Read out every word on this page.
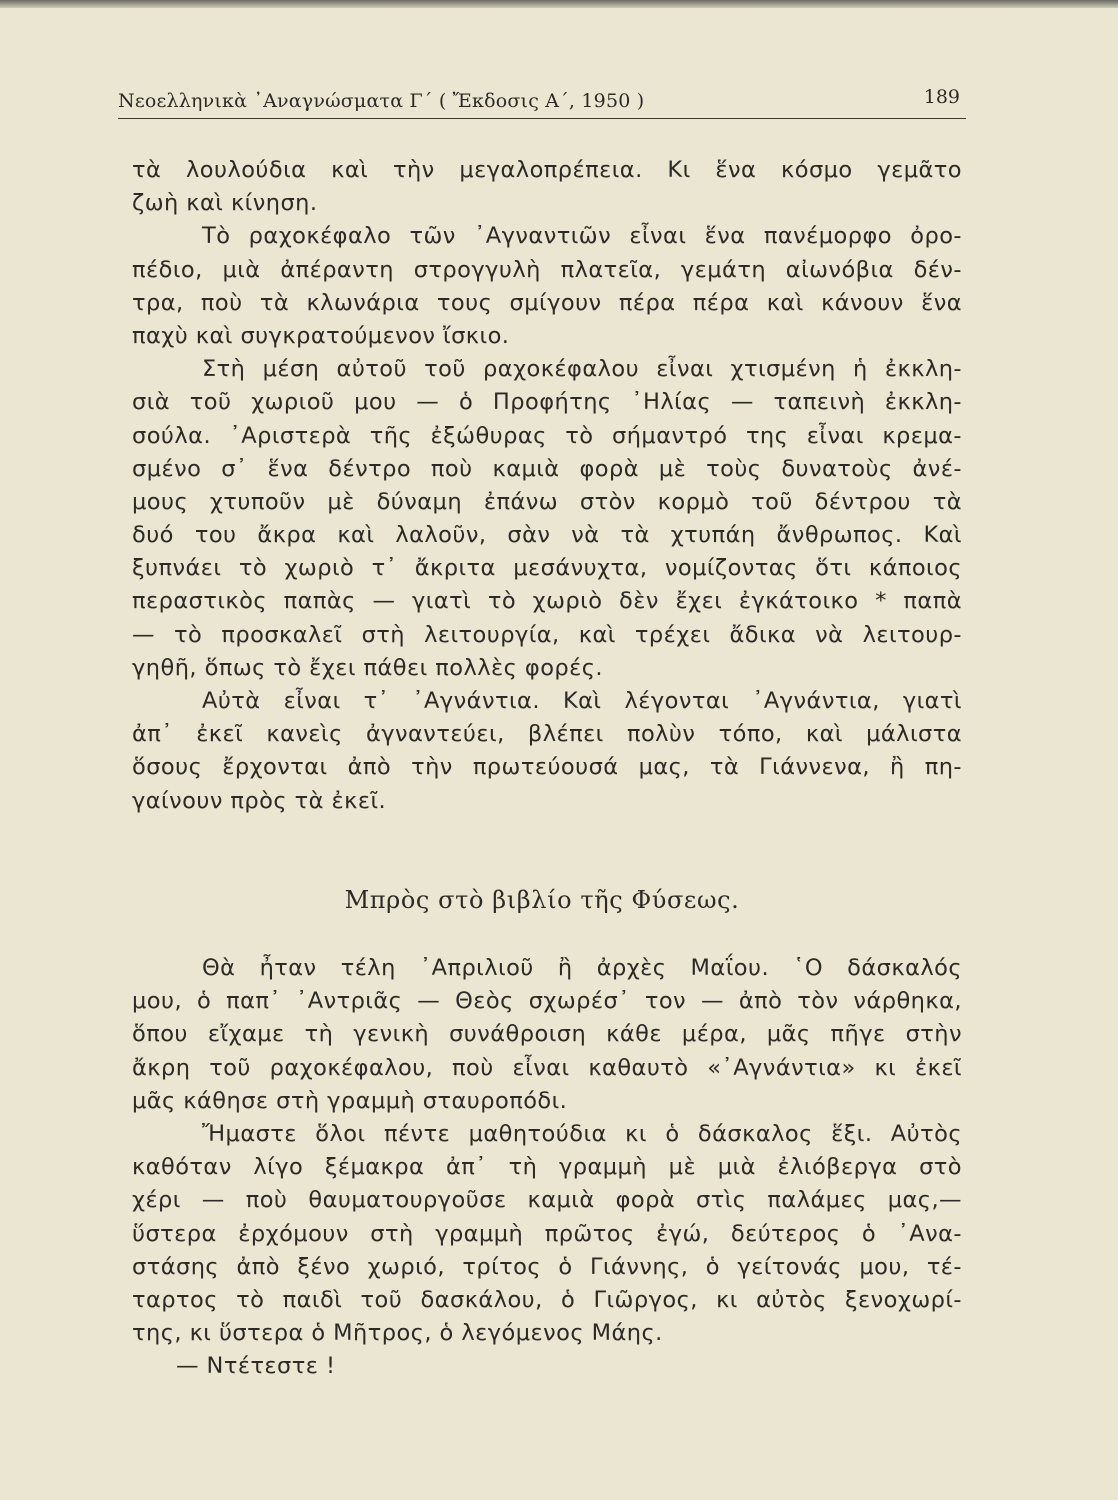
Νεοελληνικὰ ᾿Αναγνώσματα Γ΄ ( Ἔκδοσις Α΄, 1950 )	189
τὰ λουλούδια καὶ τὴν μεγαλοπρέπεια. Κι ἕνα κόσμο γεμᾶτο
ζωὴ καὶ κίνηση.
Τὸ ραχοκέφαλο τῶν ᾿Αγναντιῶν εἶναι ἕνα πανέμορφο ὀρο-
πέδιο, μιὰ ἀπέραντη στρογγυλὴ πλατεῖα, γεμάτη αἰωνόβια δέν-
τρα, ποὺ τὰ κλωνάρια τους σμίγουν πέρα πέρα καὶ κάνουν ἕνα
παχὺ καὶ συγκρατούμενον ἴσκιο.
Στὴ μέση αὐτοῦ τοῦ ραχοκέφαλου εἶναι χτισμένη ἡ ἐκκλη-
σιὰ τοῦ χωριοῦ μου — ὁ Προφήτης ᾿Ηλίας — ταπεινὴ ἐκκλη-
σούλα. ᾿Αριστερὰ τῆς ἐξώθυρας τὸ σήμαντρό της εἶναι κρεμα-
σμένο σ᾿ ἕνα δέντρο ποὺ καμιὰ φορὰ μὲ τοὺς δυνατοὺς ἀνέ-
μους χτυποῦν μὲ δύναμη ἐπάνω στὸν κορμὸ τοῦ δέντρου τὰ
δυό του ἄκρα καὶ λαλοῦν, σὰν νὰ τὰ χτυπάη ἄνθρωπος. Καὶ
ξυπνάει τὸ χωριὸ τ᾿ ἄκριτα μεσάνυχτα, νομίζοντας ὅτι κάποιος
περαστικὸς παπὰς — γιατὶ τὸ χωριὸ δὲν ἔχει ἐγκάτοικο * παπὰ
— τὸ προσκαλεῖ στὴ λειτουργία, καὶ τρέχει ἄδικα νὰ λειτουρ-
γηθῆ, ὅπως τὸ ἔχει πάθει πολλὲς φορές.
Αὐτὰ εἶναι τ᾿ ᾿Αγνάντια. Καὶ λέγονται ᾿Αγνάντια, γιατὶ
ἀπ᾿ ἐκεῖ κανεὶς ἀγναντεύει, βλέπει πολὺν τόπο, καὶ μάλιστα
ὅσους ἔρχονται ἀπὸ τὴν πρωτεύουσά μας, τὰ Γιάννενα, ἢ πη-
γαίνουν πρὸς τὰ ἐκεῖ.
Μπρὸς στὸ βιβλίο τῆς Φύσεως.
Θὰ ἦταν τέλη ᾿Απριλιοῦ ἢ ἀρχὲς Μαΐου. ῾Ο δάσκαλός
μου, ὁ παπ᾿ ᾿Αντριᾶς — Θεὸς σχωρέσ᾿ τον — ἀπὸ τὸν νάρθηκα,
ὅπου εἴχαμε τὴ γενικὴ συνάθροιση κάθε μέρα, μᾶς πῆγε στὴν
ἄκρη τοῦ ραχοκέφαλου, ποὺ εἶναι καθαυτὸ «᾿Αγνάντια» κι ἐκεῖ
μᾶς κάθησε στὴ γραμμὴ σταυροπόδι.
Ἤμαστε ὅλοι πέντε μαθητούδια κι ὁ δάσκαλος ἕξι. Αὐτὸς
καθόταν λίγο ξέμακρα ἀπ᾿ τὴ γραμμὴ μὲ μιὰ ἐλιόβεργα στὸ
χέρι — ποὺ θαυματουργοῦσε καμιὰ φορὰ στὶς παλάμες μας,—
ὕστερα ἐρχόμουν στὴ γραμμὴ πρῶτος ἐγώ, δεύτερος ὁ ᾿Ανα-
στάσης ἀπὸ ξένο χωριό, τρίτος ὁ Γιάννης, ὁ γείτονάς μου, τέ-
ταρτος τὸ παιδὶ τοῦ δασκάλου, ὁ Γιῶργος, κι αὐτὸς ξενοχωρί-
της, κι ὕστερα ὁ Μῆτρος, ὁ λεγόμενος Μάης.
— Ντέτεστε !
